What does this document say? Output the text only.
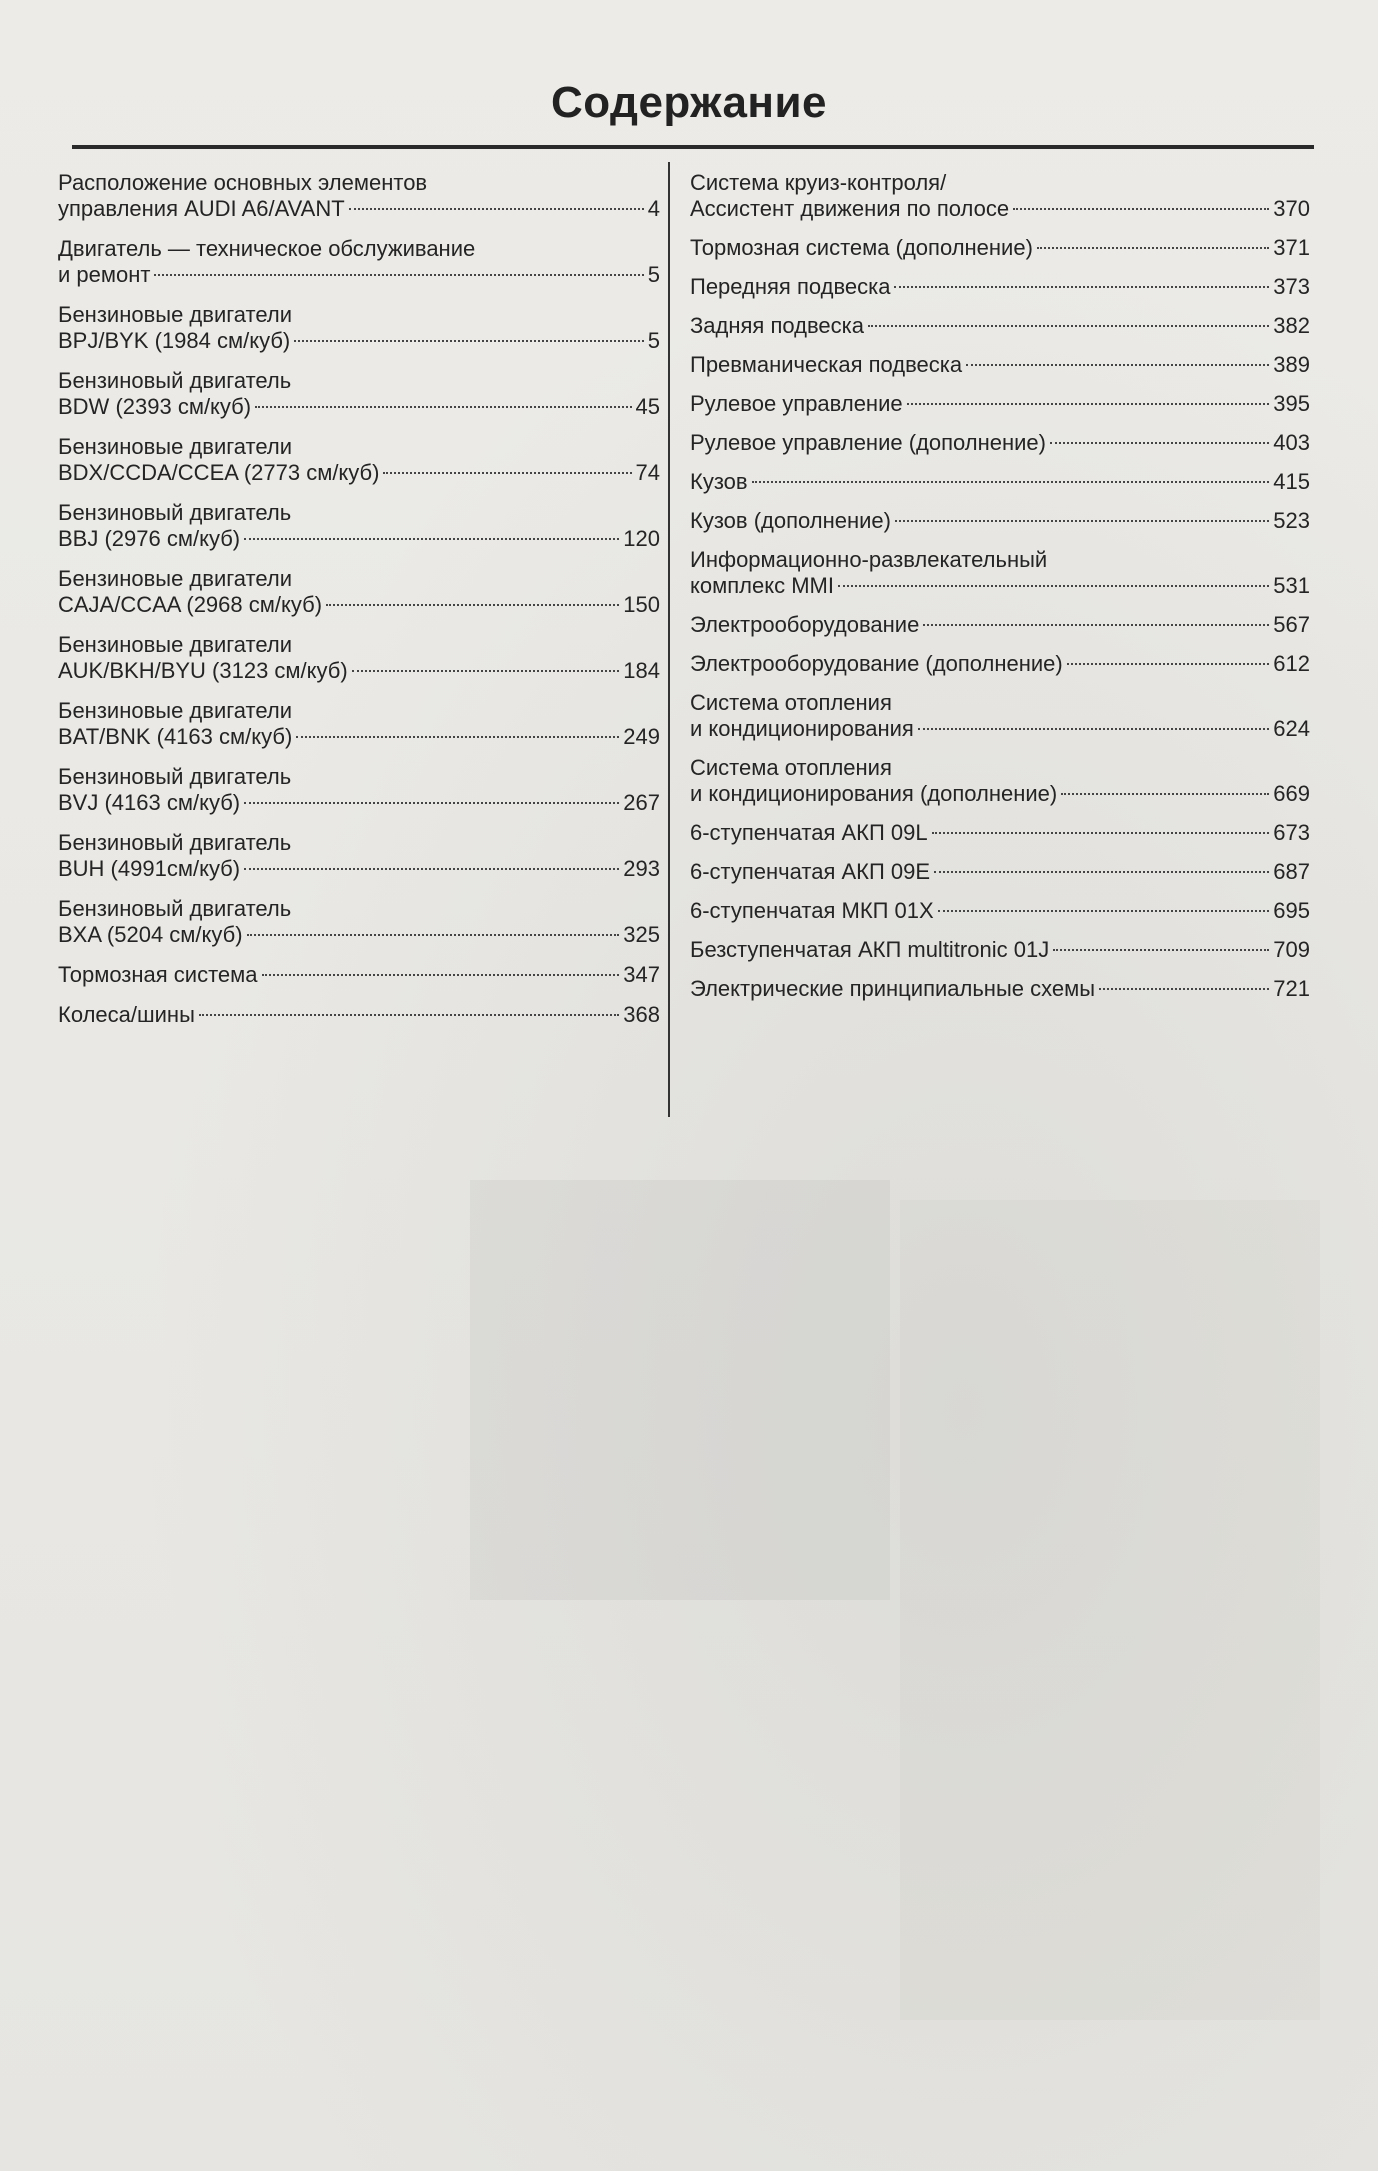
Содержание
Расположение основных элементов
управления AUDI A6/AVANT	4
Двигатель — техническое обслуживание
и ремонт	5
Бензиновые двигатели
BPJ/BYK (1984 см/куб)	5
Бензиновый двигатель
BDW (2393 см/куб)	45
Бензиновые двигатели
BDX/CCDA/CCEA (2773 см/куб)	74
Бензиновый двигатель
BBJ (2976 см/куб)	120
Бензиновые двигатели
CAJA/CCAA (2968 см/куб)	150
Бензиновые двигатели
AUK/BKH/BYU (3123 см/куб)	184
Бензиновые двигатели
BAT/BNK (4163 см/куб)	249
Бензиновый двигатель
BVJ (4163 см/куб)	267
Бензиновый двигатель
BUH (4991см/куб)	293
Бензиновый двигатель
BXA (5204 см/куб)	325
Тормозная система	347
Колеса/шины	368
Система круиз-контроля/
Ассистент движения по полосе	370
Тормозная система (дополнение)	371
Передняя подвеска	373
Задняя подвеска	382
Превманическая подвеска	389
Рулевое управление	395
Рулевое управление (дополнение)	403
Кузов	415
Кузов (дополнение)	523
Информационно-развлекательный
комплекс MMI	531
Электрооборудование	567
Электрооборудование (дополнение)	612
Система отопления
и кондиционирования	624
Система отопления
и кондиционирования (дополнение)	669
6-ступенчатая АКП 09L	673
6-ступенчатая АКП 09E	687
6-ступенчатая МКП 01X	695
Безступенчатая АКП multitronic 01J	709
Электрические принципиальные схемы	721
